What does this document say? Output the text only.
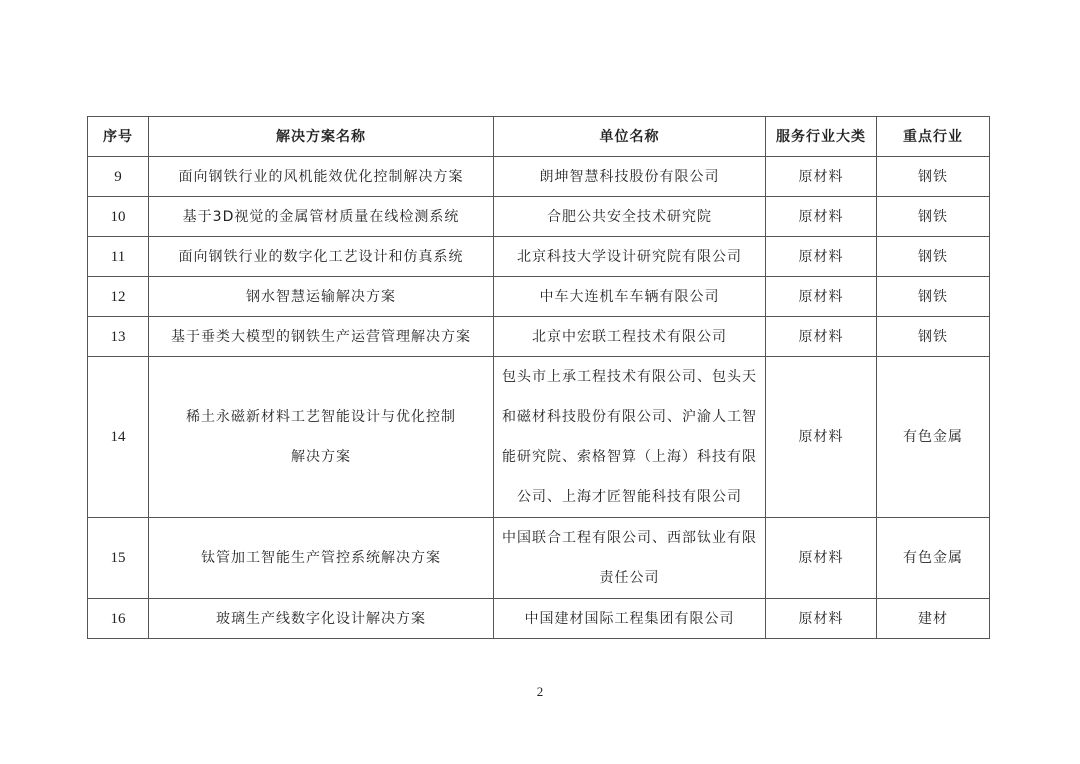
序号	解决方案名称	单位名称	服务行业大类	重点行业
9	面向钢铁行业的风机能效优化控制解决方案	朗坤智慧科技股份有限公司	原材料	钢铁
10	基于3D视觉的金属管材质量在线检测系统	合肥公共安全技术研究院	原材料	钢铁
11	面向钢铁行业的数字化工艺设计和仿真系统	北京科技大学设计研究院有限公司	原材料	钢铁
12	钢水智慧运输解决方案	中车大连机车车辆有限公司	原材料	钢铁
13	基于垂类大模型的钢铁生产运营管理解决方案	北京中宏联工程技术有限公司	原材料	钢铁
14	稀土永磁新材料工艺智能设计与优化控制解决方案	包头市上承工程技术有限公司、包头天和磁材科技股份有限公司、沪渝人工智能研究院、索格智算（上海）科技有限公司、上海才匠智能科技有限公司	原材料	有色金属
15	钛管加工智能生产管控系统解决方案	中国联合工程有限公司、西部钛业有限责任公司	原材料	有色金属
16	玻璃生产线数字化设计解决方案	中国建材国际工程集团有限公司	原材料	建材
2
